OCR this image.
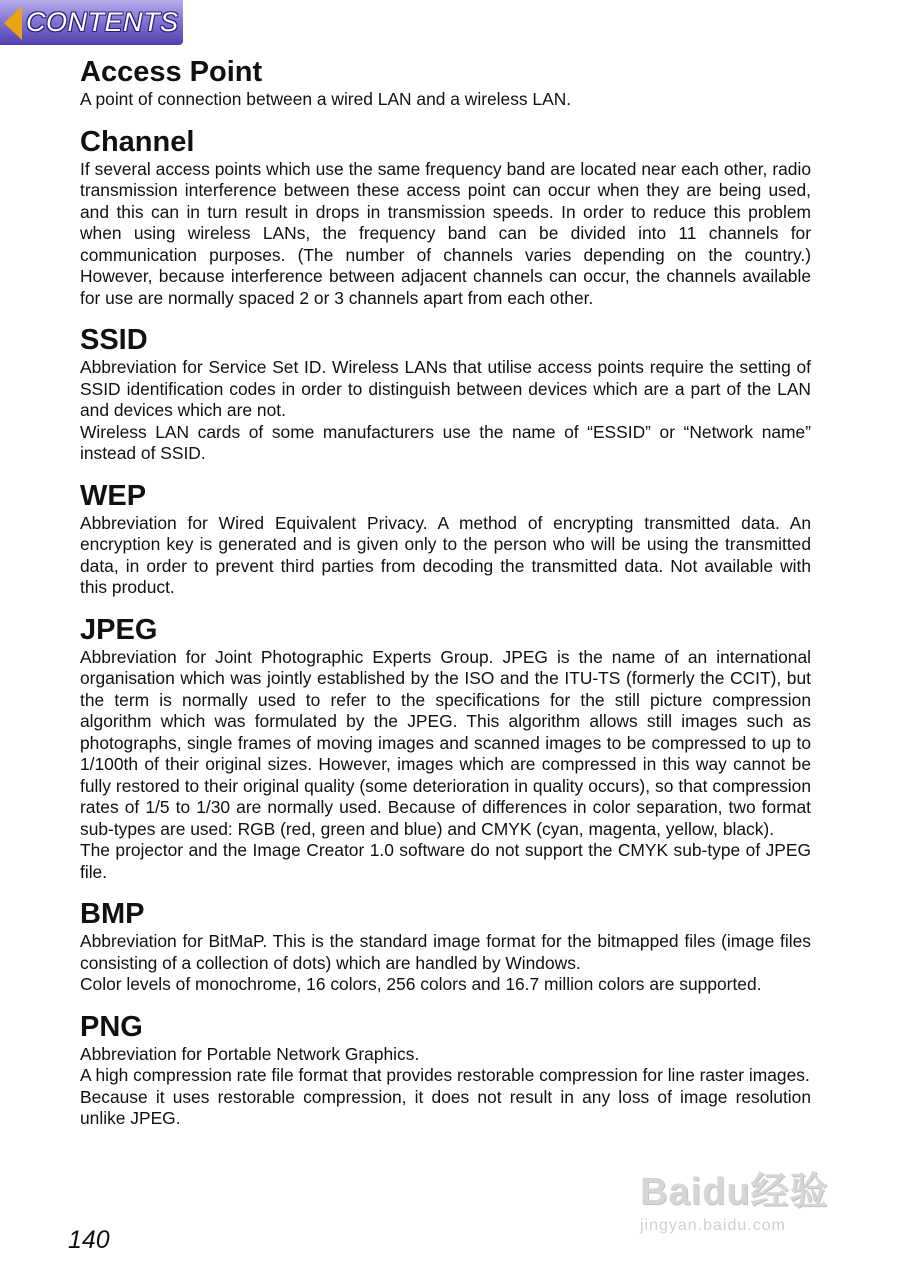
CONTENTS
Access Point

A point of connection between a wired LAN and a wireless LAN.

Channel

If several access points which use the same frequency band are located near each other, radio transmission interference between these access point can occur when they are being used, and this can in turn result in drops in transmission speeds. In order to reduce this problem when using wireless LANs, the frequency band can be divided into 11 channels for communication purposes. (The number of channels varies depending on the country.) However, because interference between adjacent channels can occur, the channels available for use are normally spaced 2 or 3 channels apart from each other.

SSID

Abbreviation for Service Set ID. Wireless LANs that utilise access points require the setting of SSID identification codes in order to distinguish between devices which are a part of the LAN and devices which are not.

Wireless LAN cards of some manufacturers use the name of “ESSID” or “Network name” instead of SSID.

WEP

Abbreviation for Wired Equivalent Privacy. A method of encrypting transmitted data. An encryption key is generated and is given only to the person who will be using the transmitted data, in order to prevent third parties from decoding the transmitted data. Not available with this product.

JPEG

Abbreviation for Joint Photographic Experts Group. JPEG is the name of an international organisation which was jointly established by the ISO and the ITU-TS (formerly the CCIT), but the term is normally used to refer to the specifications for the still picture compression algorithm which was formulated by the JPEG. This algorithm allows still images such as photographs, single frames of moving images and scanned images to be compressed to up to 1/100th of their original sizes. However, images which are compressed in this way cannot be fully restored to their original quality (some deterioration in quality occurs), so that compression rates of 1/5 to 1/30 are normally used. Because of differences in color separation, two format sub-types are used: RGB (red, green and blue) and CMYK (cyan, magenta, yellow, black).

The projector and the Image Creator 1.0 software do not support the CMYK sub-type of JPEG file.

BMP

Abbreviation for BitMaP. This is the standard image format for the bitmapped files (image files consisting of a collection of dots) which are handled by Windows.

Color levels of monochrome, 16 colors, 256 colors and 16.7 million colors are supported.

PNG

Abbreviation for Portable Network Graphics.

A high compression rate file format that provides restorable compression for line raster images.

Because it uses restorable compression, it does not result in any loss of image resolution unlike JPEG.

140
Baidu经验
jingyan.baidu.com
